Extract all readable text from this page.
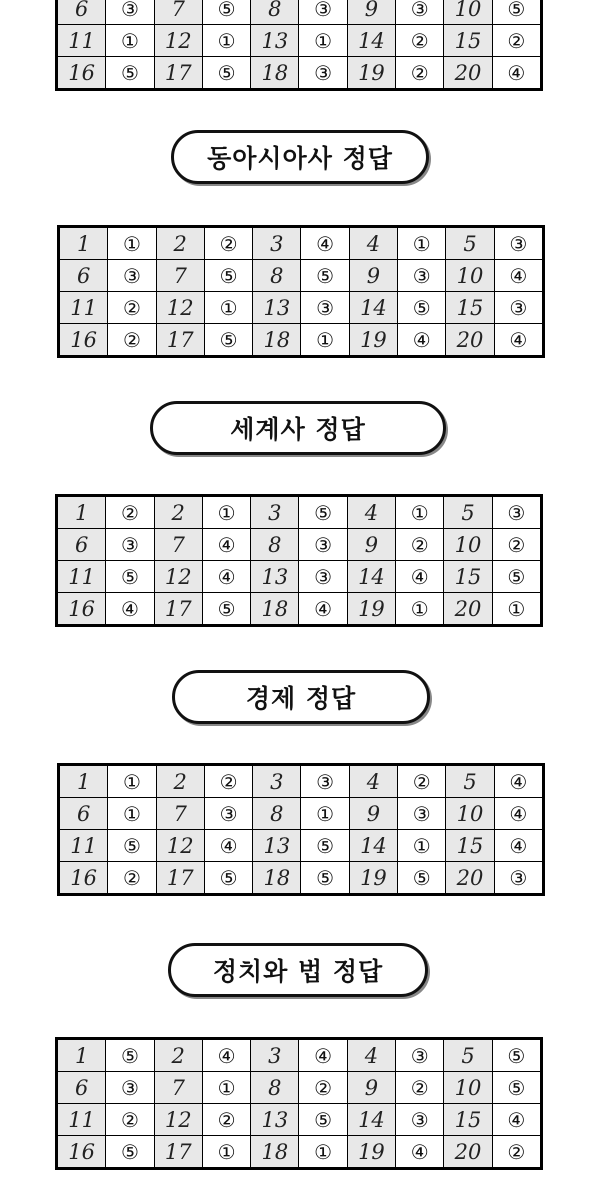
6	③	7	⑤	8	③	9	③	10	⑤
11	①	12	①	13	①	14	②	15	②
16	⑤	17	⑤	18	③	19	②	20	④
동아시아사 정답
1	①	2	②	3	④	4	①	5	③
6	③	7	⑤	8	⑤	9	③	10	④
11	②	12	①	13	③	14	⑤	15	③
16	②	17	⑤	18	①	19	④	20	④
세계사 정답
1	②	2	①	3	⑤	4	①	5	③
6	③	7	④	8	③	9	②	10	②
11	⑤	12	④	13	③	14	④	15	⑤
16	④	17	⑤	18	④	19	①	20	①
경제 정답
1	①	2	②	3	③	4	②	5	④
6	①	7	③	8	①	9	③	10	④
11	⑤	12	④	13	⑤	14	①	15	④
16	②	17	⑤	18	⑤	19	⑤	20	③
정치와 법 정답
1	⑤	2	④	3	④	4	③	5	⑤
6	③	7	①	8	②	9	②	10	⑤
11	②	12	②	13	⑤	14	③	15	④
16	⑤	17	①	18	①	19	④	20	②
